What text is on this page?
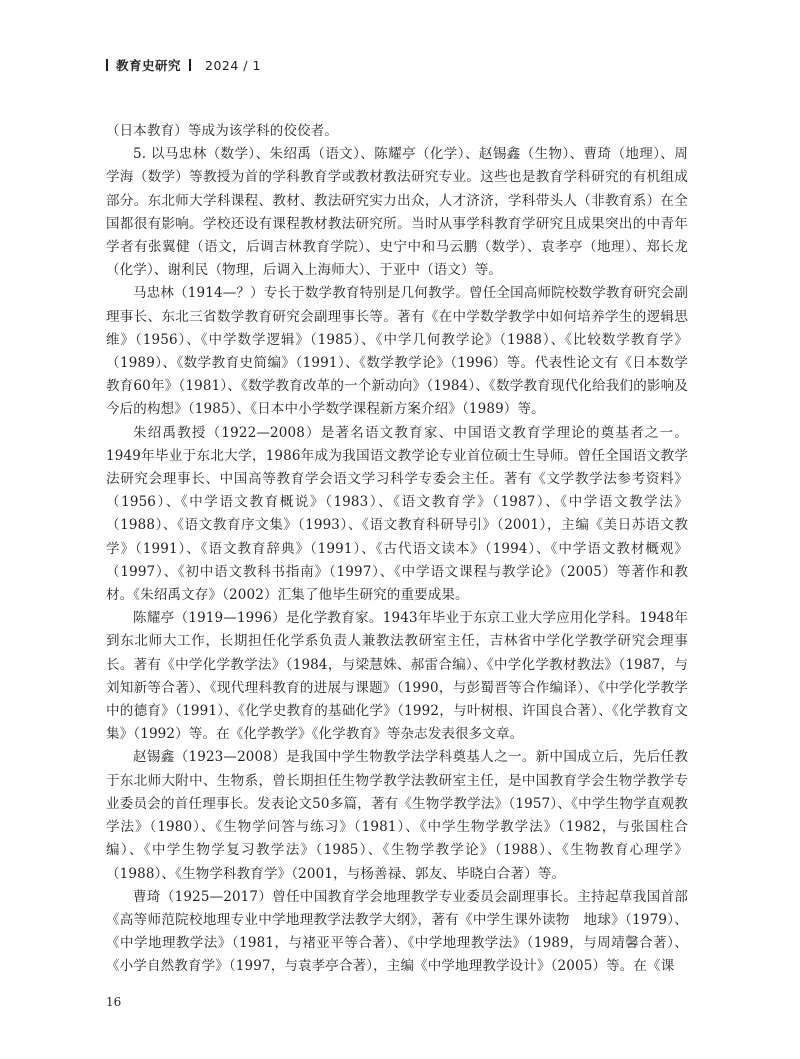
教育史研究 2024 / 1

（日本教育）等成为该学科的佼佼者。

5. 以马忠林（数学）、朱绍禹（语文）、陈耀亭（化学）、赵锡鑫（生物）、曹琦（地理）、周学海（数学）等教授为首的学科教育学或教材教法研究专业。这些也是教育学科研究的有机组成部分。东北师大学科课程、教材、教法研究实力出众，人才济济，学科带头人（非教育系）在全国都很有影响。学校还设有课程教材教法研究所。当时从事学科教育学研究且成果突出的中青年学者有张翼健（语文，后调吉林教育学院）、史宁中和马云鹏（数学）、袁孝亭（地理）、郑长龙（化学）、谢利民（物理，后调入上海师大）、于亚中（语文）等。

马忠林（1914—？）专长于数学教育特别是几何教学。曾任全国高师院校数学教育研究会副理事长、东北三省数学教育研究会副理事长等。著有《在中学数学教学中如何培养学生的逻辑思维》（1956）、《中学数学逻辑》（1985）、《中学几何教学论》（1988）、《比较数学教育学》（1989）、《数学教育史简编》（1991）、《数学教学论》（1996）等。代表性论文有《日本数学教育60年》（1981）、《数学教育改革的一个新动向》（1984）、《数学教育现代化给我们的影响及今后的构想》（1985）、《日本中小学数学课程新方案介绍》（1989）等。

朱绍禹教授（1922—2008）是著名语文教育家、中国语文教育学理论的奠基者之一。1949年毕业于东北大学，1986年成为我国语文教学论专业首位硕士生导师。曾任全国语文教学法研究会理事长、中国高等教育学会语文学习科学专委会主任。著有《文学教学法参考资料》（1956）、《中学语文教育概说》（1983）、《语文教育学》（1987）、《中学语文教学法》（1988）、《语文教育序文集》（1993）、《语文教育科研导引》（2001），主编《美日苏语文教学》（1991）、《语文教育辞典》（1991）、《古代语文读本》（1994）、《中学语文教材概观》（1997）、《初中语文教科书指南》（1997）、《中学语文课程与教学论》（2005）等著作和教材。《朱绍禹文存》（2002）汇集了他毕生研究的重要成果。

陈耀亭（1919—1996）是化学教育家。1943年毕业于东京工业大学应用化学科。1948年到东北师大工作，长期担任化学系负责人兼教法教研室主任，吉林省中学化学教学研究会理事长。著有《中学化学教学法》（1984，与梁慧姝、郝雷合编）、《中学化学教材教法》（1987，与刘知新等合著）、《现代理科教育的进展与课题》（1990，与彭蜀晋等合作编译）、《中学化学教学中的德育》（1991）、《化学史教育的基础化学》（1992，与叶树根、许国良合著）、《化学教育文集》（1992）等。在《化学教学》《化学教育》等杂志发表很多文章。

赵锡鑫（1923—2008）是我国中学生物教学法学科奠基人之一。新中国成立后，先后任教于东北师大附中、生物系，曾长期担任生物学教学法教研室主任，是中国教育学会生物学教学专业委员会的首任理事长。发表论文50多篇，著有《生物学教学法》（1957）、《中学生物学直观教学法》（1980）、《生物学问答与练习》（1981）、《中学生物学教学法》（1982，与张国柱合编）、《中学生物学复习教学法》（1985）、《生物学教学论》（1988）、《生物教育心理学》（1988）、《生物学科教育学》（2001，与杨善禄、郭友、毕晓白合著）等。

曹琦（1925—2017）曾任中国教育学会地理教学专业委员会副理事长。主持起草我国首部《高等师范院校地理专业中学地理教学法教学大纲》，著有《中学生课外读物　地球》（1979）、《中学地理教学法》（1981，与褚亚平等合著）、《中学地理教学法》（1989，与周靖馨合著）、《小学自然教育学》（1997，与袁孝亭合著），主编《中学地理教学设计》（2005）等。在《课

16
